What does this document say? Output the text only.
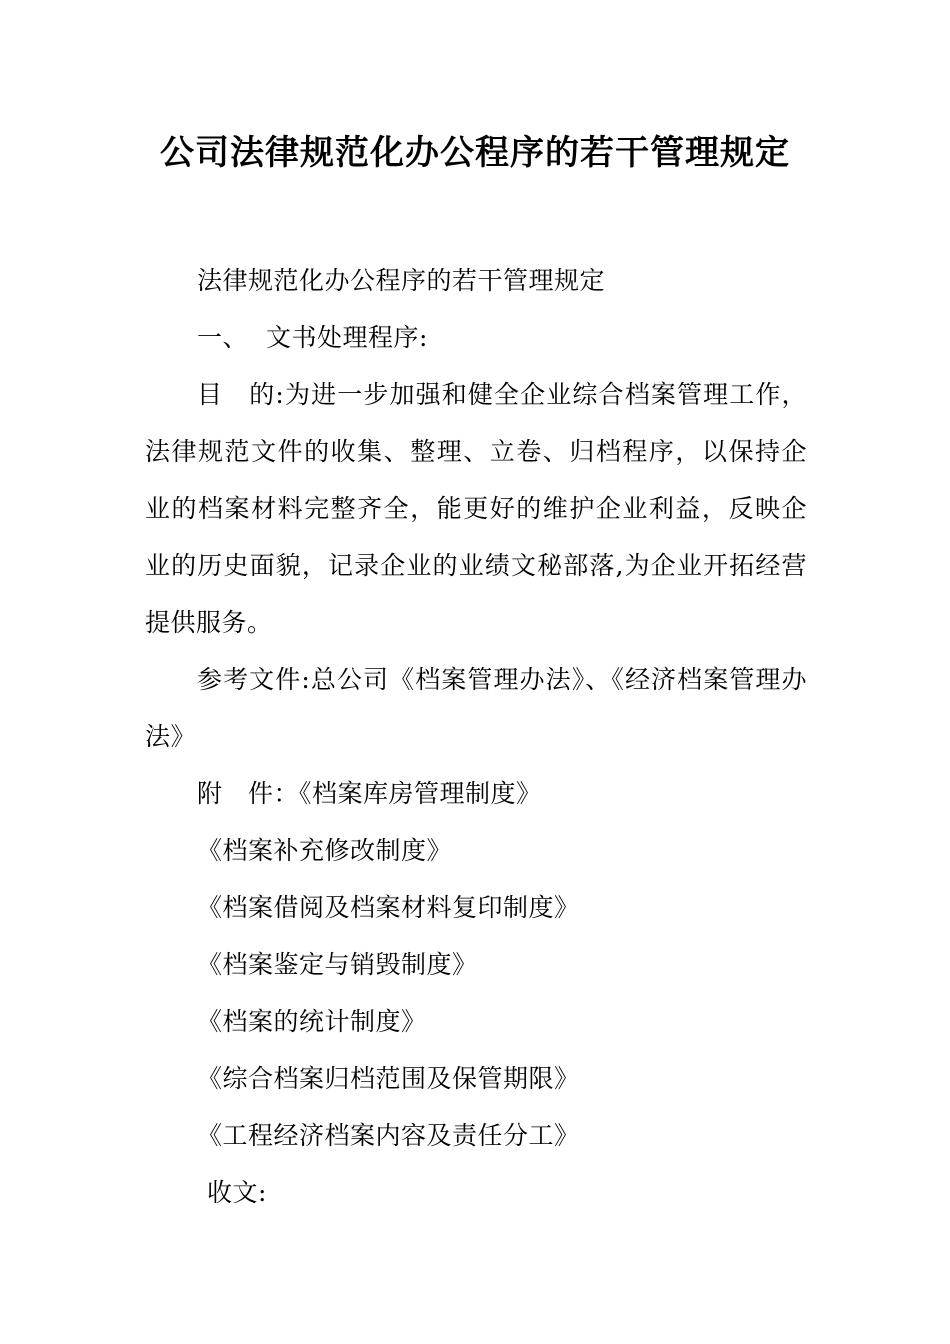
公司法律规范化办公程序的若干管理规定

法律规范化办公程序的若干管理规定

一、 文书处理程序:

目　的:为进一步加强和健全企业综合档案管理工作，法律规范文件的收集、整理、立卷、归档程序，以保持企业的档案材料完整齐全，能更好的维护企业利益，反映企业的历史面貌，记录企业的业绩文秘部落,为企业开拓经营提供服务。

参考文件:总公司《档案管理办法》、《经济档案管理办法》

附　件：《档案库房管理制度》

《档案补充修改制度》

《档案借阅及档案材料复印制度》

《档案鉴定与销毁制度》

《档案的统计制度》

《综合档案归档范围及保管期限》

《工程经济档案内容及责任分工》

收文:
